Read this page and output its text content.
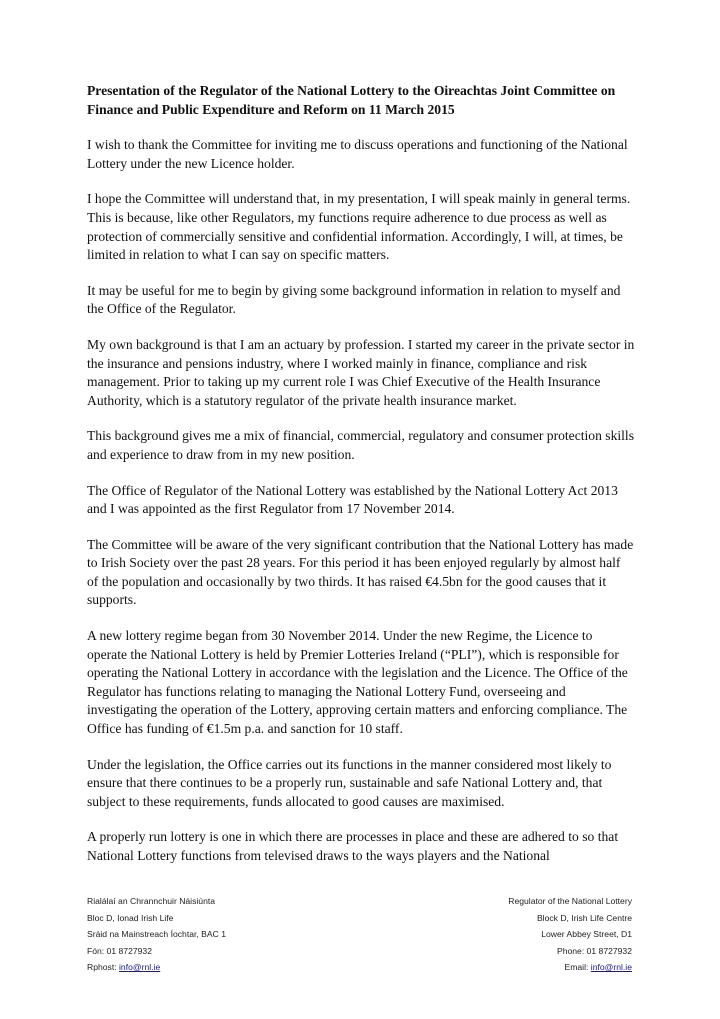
Presentation of the Regulator of the National Lottery to the Oireachtas Joint Committee on Finance and Public Expenditure and Reform on 11 March 2015

I wish to thank the Committee for inviting me to discuss operations and functioning of the National Lottery under the new Licence holder.

I hope the Committee will understand that, in my presentation, I will speak mainly in general terms. This is because, like other Regulators, my functions require adherence to due process as well as protection of commercially sensitive and confidential information. Accordingly, I will, at times, be limited in relation to what I can say on specific matters.

It may be useful for me to begin by giving some background information in relation to myself and the Office of the Regulator.

My own background is that I am an actuary by profession. I started my career in the private sector in the insurance and pensions industry, where I worked mainly in finance, compliance and risk management. Prior to taking up my current role I was Chief Executive of the Health Insurance Authority, which is a statutory regulator of the private health insurance market.

This background gives me a mix of financial, commercial, regulatory and consumer protection skills and experience to draw from in my new position.

The Office of Regulator of the National Lottery was established by the National Lottery Act 2013 and I was appointed as the first Regulator from 17 November 2014.

The Committee will be aware of the very significant contribution that the National Lottery has made to Irish Society over the past 28 years. For this period it has been enjoyed regularly by almost half of the population and occasionally by two thirds. It has raised €4.5bn for the good causes that it supports.

A new lottery regime began from 30 November 2014. Under the new Regime, the Licence to operate the National Lottery is held by Premier Lotteries Ireland (“PLI”), which is responsible for operating the National Lottery in accordance with the legislation and the Licence. The Office of the Regulator has functions relating to managing the National Lottery Fund, overseeing and investigating the operation of the Lottery, approving certain matters and enforcing compliance. The Office has funding of €1.5m p.a. and sanction for 10 staff.

Under the legislation, the Office carries out its functions in the manner considered most likely to ensure that there continues to be a properly run, sustainable and safe National Lottery and, that subject to these requirements, funds allocated to good causes are maximised.

A properly run lottery is one in which there are processes in place and these are adhered to so that National Lottery functions from televised draws to the ways players and the National

Rialálaí an Chrannchuir Náisiúnta
Bloc D, Ionad Irish Life
Sráid na Mainstreach Íochtar, BAC 1
Fón: 01 8727932
Rphost: info@rnl.ie
Regulator of the National Lottery
Block D, Irish Life Centre
Lower Abbey Street, D1
Phone: 01 8727932
Email: info@rnl.ie
